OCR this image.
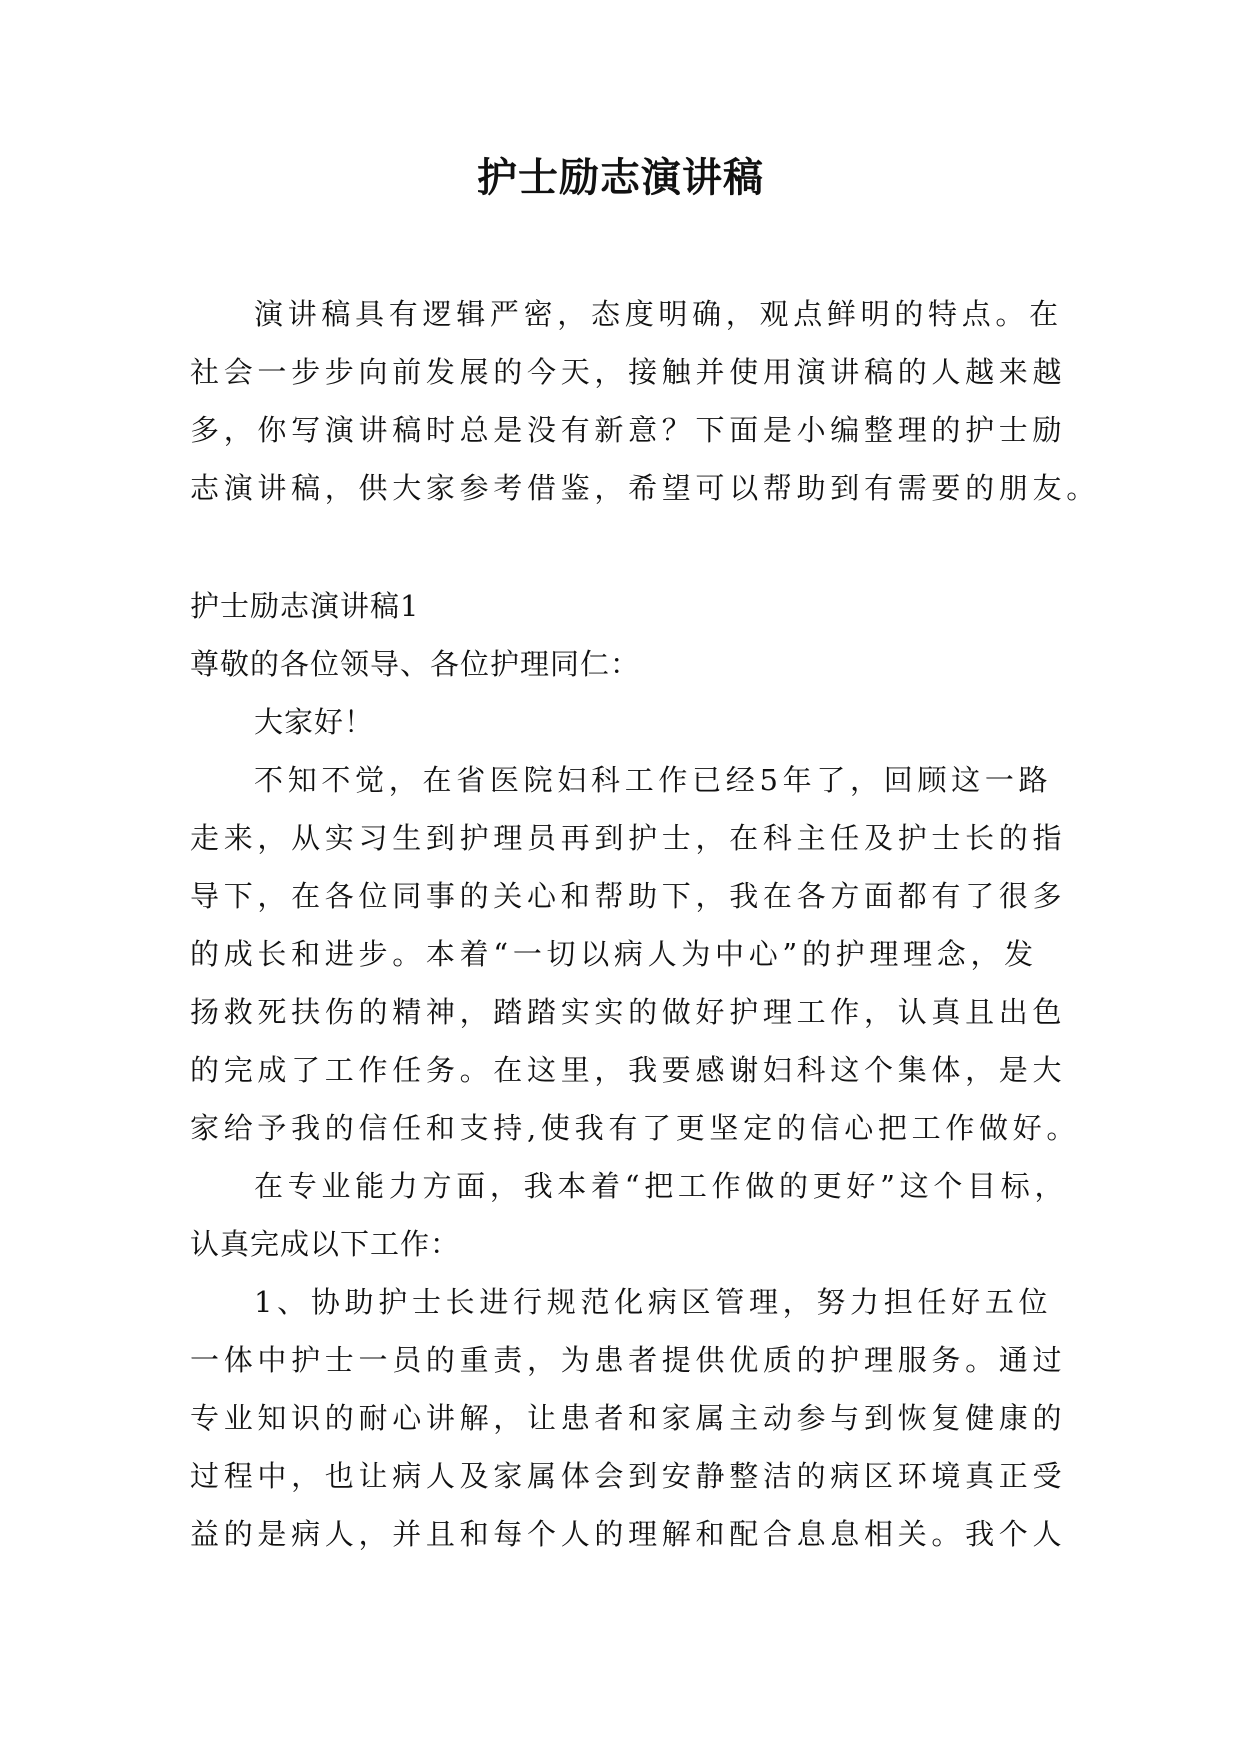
护士励志演讲稿
演讲稿具有逻辑严密，态度明确，观点鲜明的特点。在
社会一步步向前发展的今天，接触并使用演讲稿的人越来越
多，你写演讲稿时总是没有新意？下面是小编整理的护士励
志演讲稿，供大家参考借鉴，希望可以帮助到有需要的朋友。
护士励志演讲稿1
尊敬的各位领导、各位护理同仁：
大家好！
不知不觉，在省医院妇科工作已经5年了，回顾这一路
走来，从实习生到护理员再到护士，在科主任及护士长的指
导下，在各位同事的关心和帮助下，我在各方面都有了很多
的成长和进步。本着“一切以病人为中心”的护理理念，发
扬救死扶伤的精神，踏踏实实的做好护理工作，认真且出色
的完成了工作任务。在这里，我要感谢妇科这个集体，是大
家给予我的信任和支持,使我有了更坚定的信心把工作做好。
在专业能力方面，我本着“把工作做的更好”这个目标，
认真完成以下工作：
1、协助护士长进行规范化病区管理，努力担任好五位
一体中护士一员的重责，为患者提供优质的护理服务。通过
专业知识的耐心讲解，让患者和家属主动参与到恢复健康的
过程中，也让病人及家属体会到安静整洁的病区环境真正受
益的是病人，并且和每个人的理解和配合息息相关。我个人
